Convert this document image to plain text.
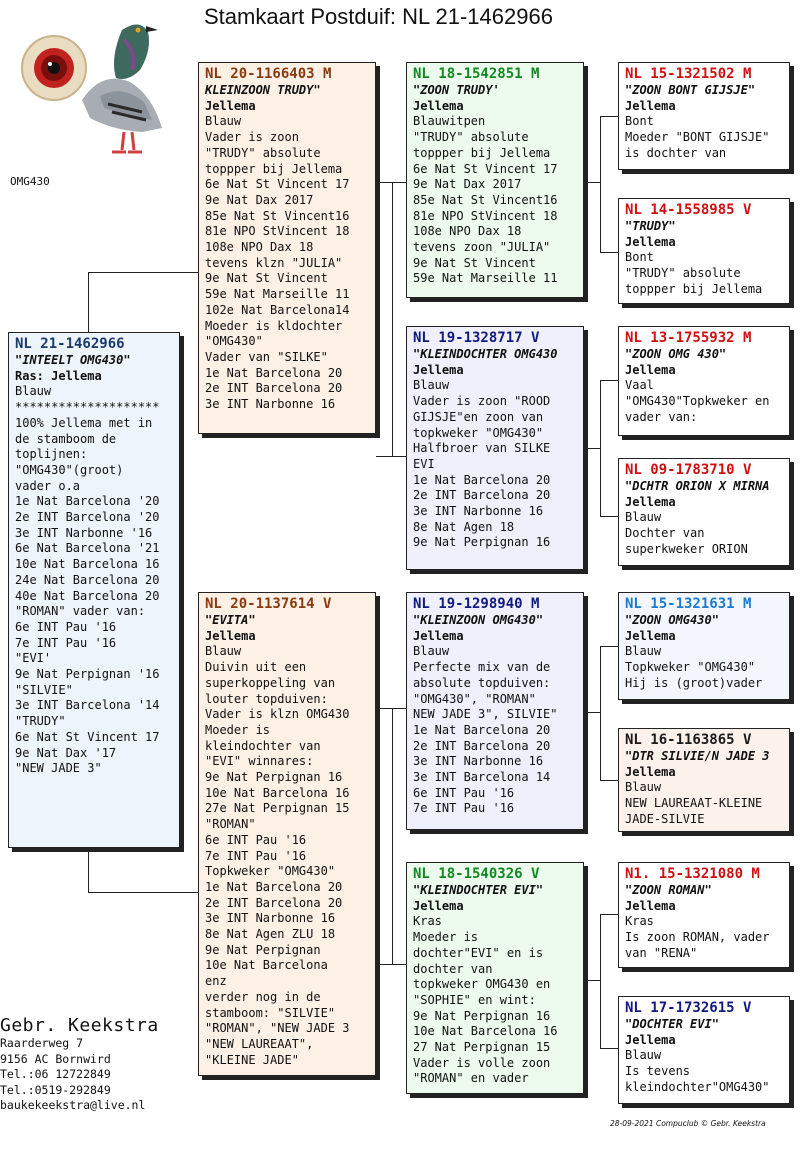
Stamkaart Postduif: NL 21-1462966
OMG430
NL 21-1462966
"INTEELT OMG430"
Ras: Jellema
Blauw
********************
100% Jellema met in
de stamboom de
toplijnen:
"OMG430"(groot)
vader o.a
1e Nat Barcelona '20
2e INT Barcelona '20
3e INT Narbonne '16
6e Nat Barcelona '21
10e Nat Barcelona 16
24e Nat Barcelona 20
40e Nat Barcelona 20
"ROMAN" vader van:
6e INT Pau '16
7e INT Pau '16
"EVI'
9e Nat Perpignan '16
"SILVIE"
3e INT Barcelona '14
"TRUDY"
6e Nat St Vincent 17
9e Nat Dax '17
"NEW JADE 3"
NL 20-1166403 M
KLEINZOON TRUDY"
Jellema
Blauw
Vader is zoon
"TRUDY" absolute
toppper bij Jellema
6e Nat St Vincent 17
9e Nat Dax 2017
85e Nat St Vincent16
81e NPO StVincent 18
108e NPO Dax 18
tevens klzn "JULIA"
9e Nat St Vincent
59e Nat Marseille 11
102e Nat Barcelona14
Moeder is kldochter
"OMG430"
Vader van "SILKE"
1e Nat Barcelona 20
2e INT Barcelona 20
3e INT Narbonne 16
NL 20-1137614 V
"EVITA"
Jellema
Blauw
Duivin uit een
superkoppeling van
louter topduiven:
Vader is klzn OMG430
Moeder is
kleindochter van
"EVI" winnares:
9e Nat Perpignan 16
10e Nat Barcelona 16
27e Nat Perpignan 15
"ROMAN"
6e INT Pau '16
7e INT Pau '16
Topkweker "OMG430"
1e Nat Barcelona 20
2e INT Barcelona 20
3e INT Narbonne 16
8e Nat Agen ZLU 18
9e Nat Perpignan
10e Nat Barcelona
enz
verder nog in de
stamboom: "SILVIE"
"ROMAN", "NEW JADE 3
"NEW LAUREAAT",
"KLEINE JADE"
NL 18-1542851 M
"ZOON TRUDY'
Jellema
Blauwitpen
"TRUDY" absolute
toppper bij Jellema
6e Nat St Vincent 17
9e Nat Dax 2017
85e Nat St Vincent16
81e NPO StVincent 18
108e NPO Dax 18
tevens zoon "JULIA"
9e Nat St Vincent
59e Nat Marseille 11
NL 19-1328717 V
"KLEINDOCHTER OMG430
Jellema
Blauw
Vader is zoon "ROOD
GIJSJE"en zoon van
topkweker "OMG430"
Halfbroer van SILKE
EVI
1e Nat Barcelona 20
2e INT Barcelona 20
3e INT Narbonne 16
8e Nat Agen 18
9e Nat Perpignan 16
NL 19-1298940 M
"KLEINZOON OMG430"
Jellema
Blauw
Perfecte mix van de
absolute topduiven:
"OMG430", "ROMAN"
NEW JADE 3", SILVIE"
1e Nat Barcelona 20
2e INT Barcelona 20
3e INT Narbonne 16
3e INT Barcelona 14
6e INT Pau '16
7e INT Pau '16
NL 18-1540326 V
"KLEINDOCHTER EVI"
Jellema
Kras
Moeder is
dochter"EVI" en is
dochter van
topkweker OMG430 en
"SOPHIE" en wint:
9e Nat Perpignan 16
10e Nat Barcelona 16
27 Nat Perpignan 15
Vader is volle zoon
"ROMAN" en vader
NL 15-1321502 M
"ZOON BONT GIJSJE"
Jellema
Bont
Moeder "BONT GIJSJE"
is dochter van
NL 14-1558985 V
"TRUDY"
Jellema
Bont
"TRUDY" absolute
toppper bij Jellema
NL 13-1755932 M
"ZOON OMG 430"
Jellema
Vaal
"OMG430"Topkweker en
vader van:
NL 09-1783710 V
"DCHTR ORION X MIRNA
Jellema
Blauw
Dochter van
superkweker ORION
NL 15-1321631 M
"ZOON OMG430"
Jellema
Blauw
Topkweker "OMG430"
Hij is (groot)vader
NL 16-1163865 V
"DTR SILVIE/N JADE 3
Jellema
Blauw
NEW LAUREAAT-KLEINE
JADE-SILVIE
N1. 15-1321080 M
"ZOON ROMAN"
Jellema
Kras
Is zoon ROMAN, vader
van "RENA"
NL 17-1732615 V
"DOCHTER EVI"
Jellema
Blauw
Is tevens
kleindochter"OMG430"
Gebr. Keekstra
Raarderweg 7
9156 AC Bornwird
Tel.:06 12722849
Tel.:0519-292849
baukekeekstra@live.nl
28-09-2021 Compuclub © Gebr. Keekstra
